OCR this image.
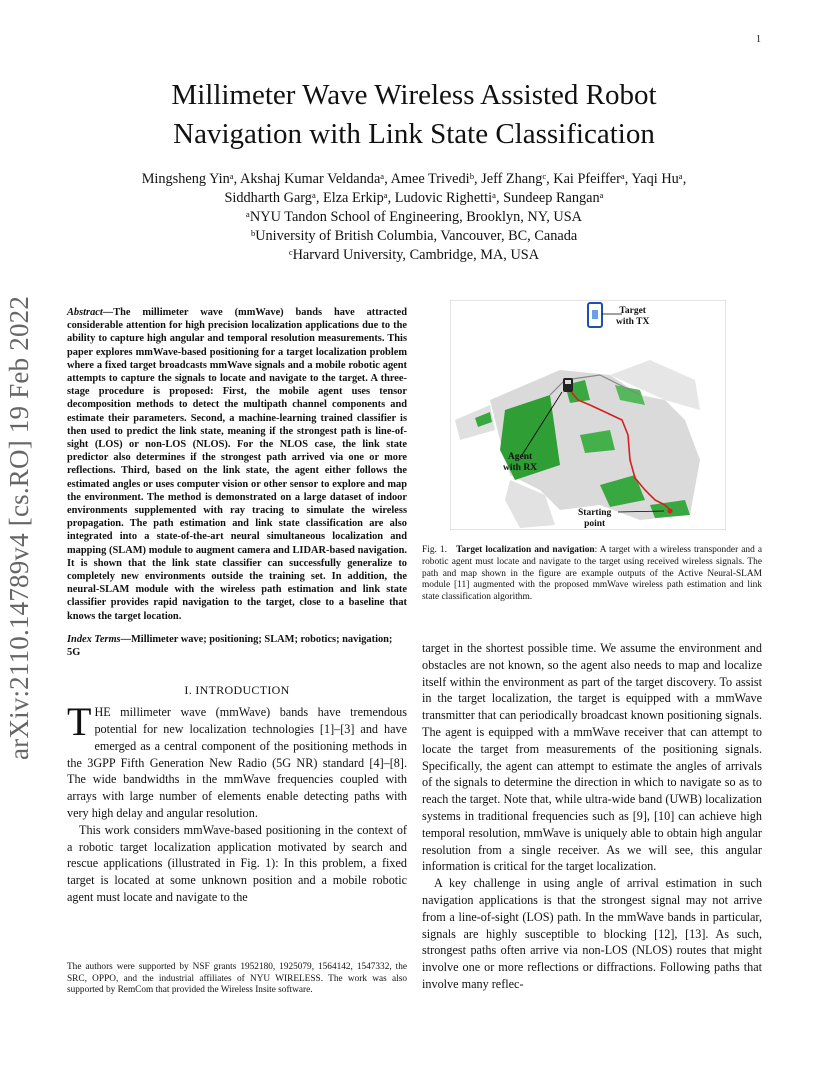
1
arXiv:2110.14789v4 [cs.RO] 19 Feb 2022
Millimeter Wave Wireless Assisted Robot
Navigation with Link State Classification
Mingsheng Yinᵃ, Akshaj Kumar Veldandaᵃ, Amee Trivediᵇ, Jeff Zhangᶜ, Kai Pfeifferᵃ, Yaqi Huᵃ,
Siddharth Gargᵃ, Elza Erkipᵃ, Ludovic Righettiᵃ, Sundeep Ranganᵃ
ᵃNYU Tandon School of Engineering, Brooklyn, NY, USA
ᵇUniversity of British Columbia, Vancouver, BC, Canada
ᶜHarvard University, Cambridge, MA, USA

Abstract—The millimeter wave (mmWave) bands have attracted considerable attention for high precision localization applications due to the ability to capture high angular and temporal resolution measurements. This paper explores mmWave-based positioning for a target localization problem where a fixed target broadcasts mmWave signals and a mobile robotic agent attempts to capture the signals to locate and navigate to the target. A three-stage procedure is proposed: First, the mobile agent uses tensor decomposition methods to detect the multipath channel components and estimate their parameters. Second, a machine-learning trained classifier is then used to predict the link state, meaning if the strongest path is line-of-sight (LOS) or non-LOS (NLOS). For the NLOS case, the link state predictor also determines if the strongest path arrived via one or more reflections. Third, based on the link state, the agent either follows the estimated angles or uses computer vision or other sensor to explore and map the environment. The method is demonstrated on a large dataset of indoor environments supplemented with ray tracing to simulate the wireless propagation. The path estimation and link state classification are also integrated into a state-of-the-art neural simultaneous localization and mapping (SLAM) module to augment camera and LIDAR-based navigation. It is shown that the link state classifier can successfully generalize to completely new environments outside the training set. In addition, the neural-SLAM module with the wireless path estimation and link state classifier provides rapid navigation to the target, close to a baseline that knows the target location.

Index Terms—Millimeter wave; positioning; SLAM; robotics; navigation; 5G

I. INTRODUCTION

THE millimeter wave (mmWave) bands have tremendous potential for new localization technologies [1]–[3] and have emerged as a central component of the positioning methods in the 3GPP Fifth Generation New Radio (5G NR) standard [4]–[8]. The wide bandwidths in the mmWave frequencies coupled with arrays with large number of elements enable detecting paths with very high delay and angular resolution.

This work considers mmWave-based positioning in the context of a robotic target localization application motivated by search and rescue applications (illustrated in Fig. 1): In this problem, a fixed target is located at some unknown position and a mobile robotic agent must locate and navigate to the

The authors were supported by NSF grants 1952180, 1925079, 1564142, 1547332, the SRC, OPPO, and the industrial affiliates of NYU WIRELESS. The work was also supported by RemCom that provided the Wireless Insite software.
Target
with TX
Agent
with RX
Starting
point
Fig. 1. Target localization and navigation: A target with a wireless transponder and a robotic agent must locate and navigate to the target using received wireless signals. The path and map shown in the figure are example outputs of the Active Neural-SLAM module [11] augmented with the proposed mmWave wireless path estimation and link state classification algorithm.

target in the shortest possible time. We assume the environment and obstacles are not known, so the agent also needs to map and localize itself within the environment as part of the target discovery. To assist in the target localization, the target is equipped with a mmWave transmitter that can periodically broadcast known positioning signals. The agent is equipped with a mmWave receiver that can attempt to locate the target from measurements of the positioning signals. Specifically, the agent can attempt to estimate the angles of arrivals of the signals to determine the direction in which to navigate so as to reach the target. Note that, while ultra-wide band (UWB) localization systems in traditional frequencies such as [9], [10] can achieve high temporal resolution, mmWave is uniquely able to obtain high angular resolution from a single receiver. As we will see, this angular information is critical for the target localization.

A key challenge in using angle of arrival estimation in such navigation applications is that the strongest signal may not arrive from a line-of-sight (LOS) path. In the mmWave bands in particular, signals are highly susceptible to blocking [12], [13]. As such, strongest paths often arrive via non-LOS (NLOS) routes that might involve one or more reflections or diffractions. Following paths that involve many reflec-
